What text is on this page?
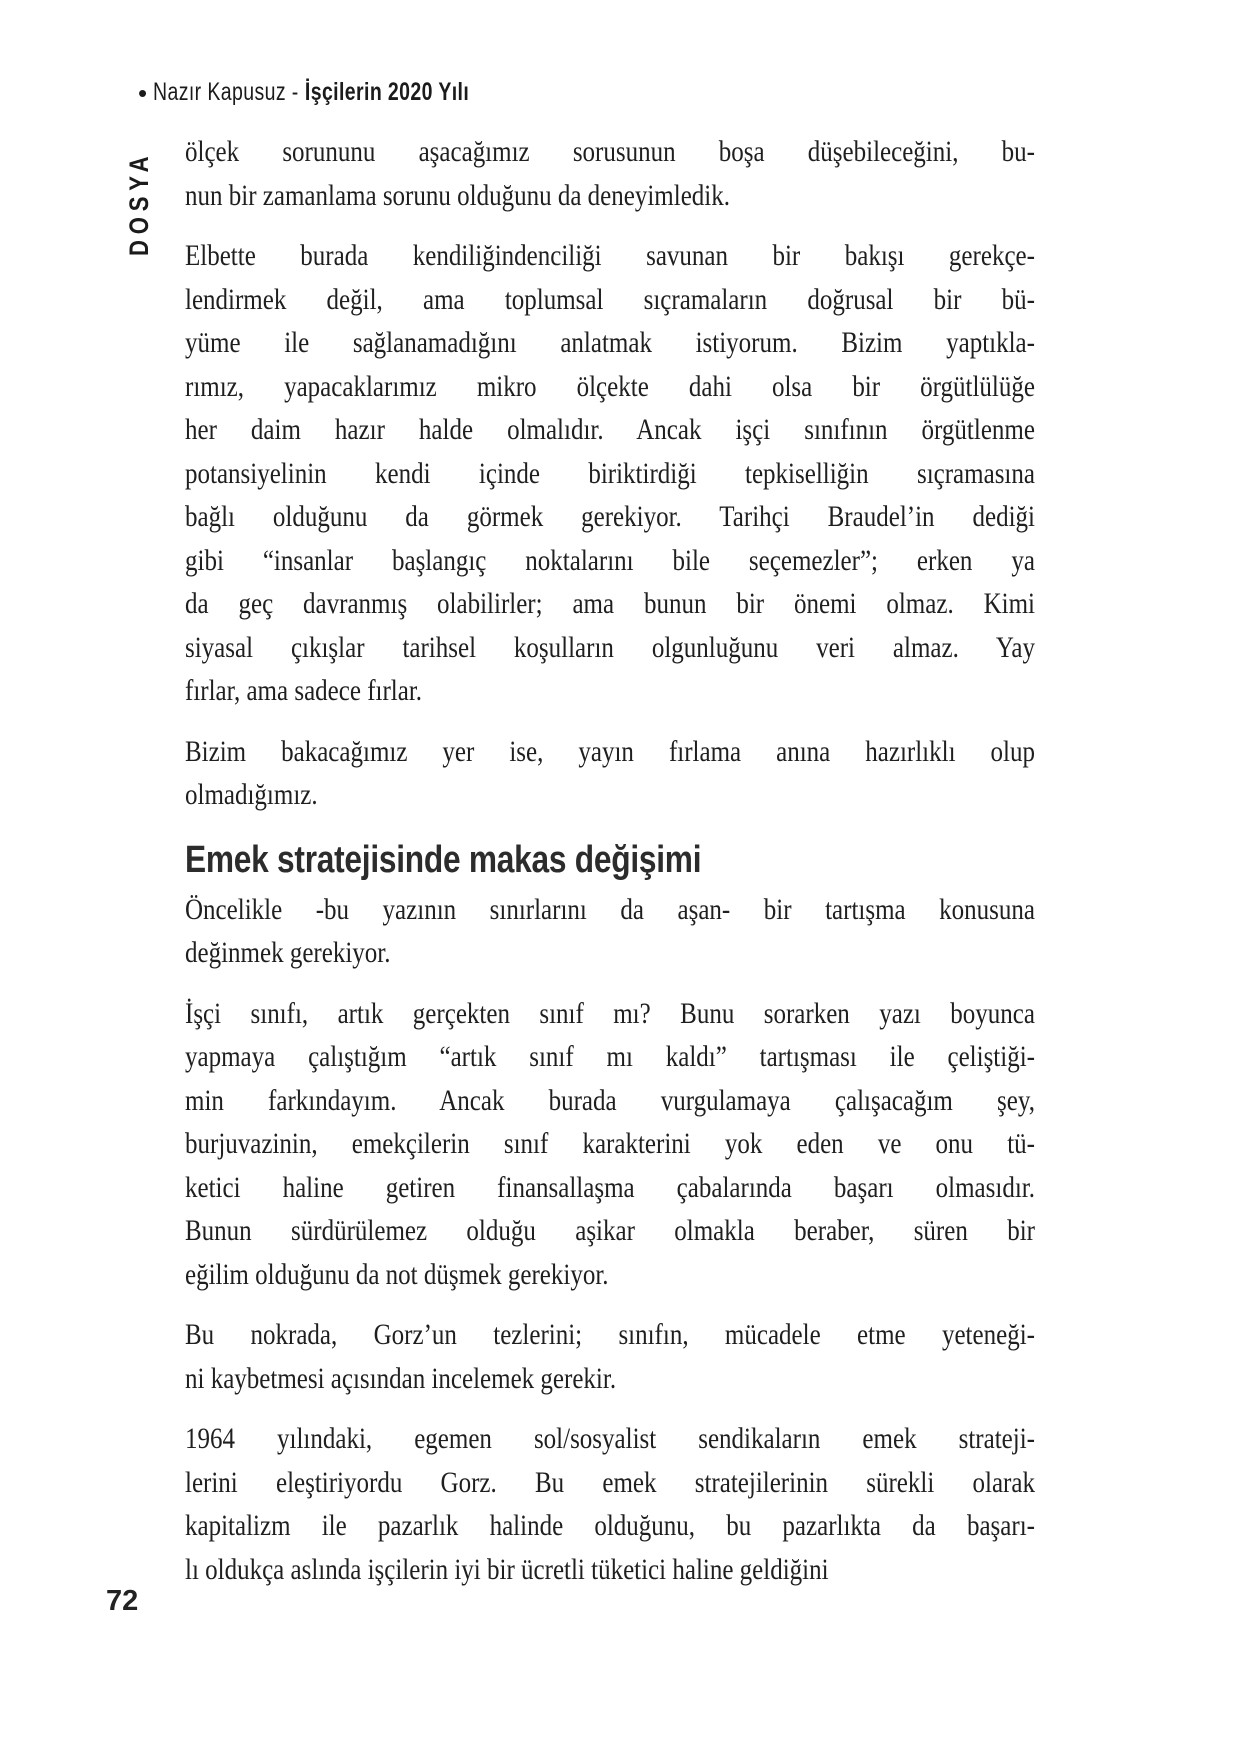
• Nazır Kapusuz - İşçilerin 2020 Yılı
DOSYA ölçek sorununu aşacağımız sorusunun boşa düşebileceğini, bu-
nun bir zamanlama sorunu olduğunu da deneyimledik.
Elbette burada kendiliğindenciliği savunan bir bakışı gerekçe-
lendirmek değil, ama toplumsal sıçramaların doğrusal bir bü-
yüme ile sağlanamadığını anlatmak istiyorum. Bizim yaptıkla-
rımız, yapacaklarımız mikro ölçekte dahi olsa bir örgütlülüğe
her daim hazır halde olmalıdır. Ancak işçi sınıfının örgütlenme
potansiyelinin kendi içinde biriktirdiği tepkiselliğin sıçramasına
bağlı olduğunu da görmek gerekiyor. Tarihçi Braudel’in dediği
gibi “insanlar başlangıç noktalarını bile seçemezler”; erken ya
da geç davranmış olabilirler; ama bunun bir önemi olmaz. Kimi
siyasal çıkışlar tarihsel koşulların olgunluğunu veri almaz. Yay
fırlar, ama sadece fırlar.
Bizim bakacağımız yer ise, yayın fırlama anına hazırlıklı olup
olmadığımız.
Emek stratejisinde makas değişimi
Öncelikle -bu yazının sınırlarını da aşan- bir tartışma konusuna
değinmek gerekiyor.
İşçi sınıfı, artık gerçekten sınıf mı? Bunu sorarken yazı boyunca
yapmaya çalıştığım “artık sınıf mı kaldı” tartışması ile çeliştiği-
min farkındayım. Ancak burada vurgulamaya çalışacağım şey,
burjuvazinin, emekçilerin sınıf karakterini yok eden ve onu tü-
ketici haline getiren finansallaşma çabalarında başarı olmasıdır.
Bunun sürdürülemez olduğu aşikar olmakla beraber, süren bir
eğilim olduğunu da not düşmek gerekiyor.
Bu nokrada, Gorz’un tezlerini; sınıfın, mücadele etme yeteneği-
ni kaybetmesi açısından incelemek gerekir.
1964 yılındaki, egemen sol/sosyalist sendikaların emek strateji-
lerini eleştiriyordu Gorz. Bu emek stratejilerinin sürekli olarak
kapitalizm ile pazarlık halinde olduğunu, bu pazarlıkta da başarı-
lı oldukça aslında işçilerin iyi bir ücretli tüketici haline geldiğini
72
